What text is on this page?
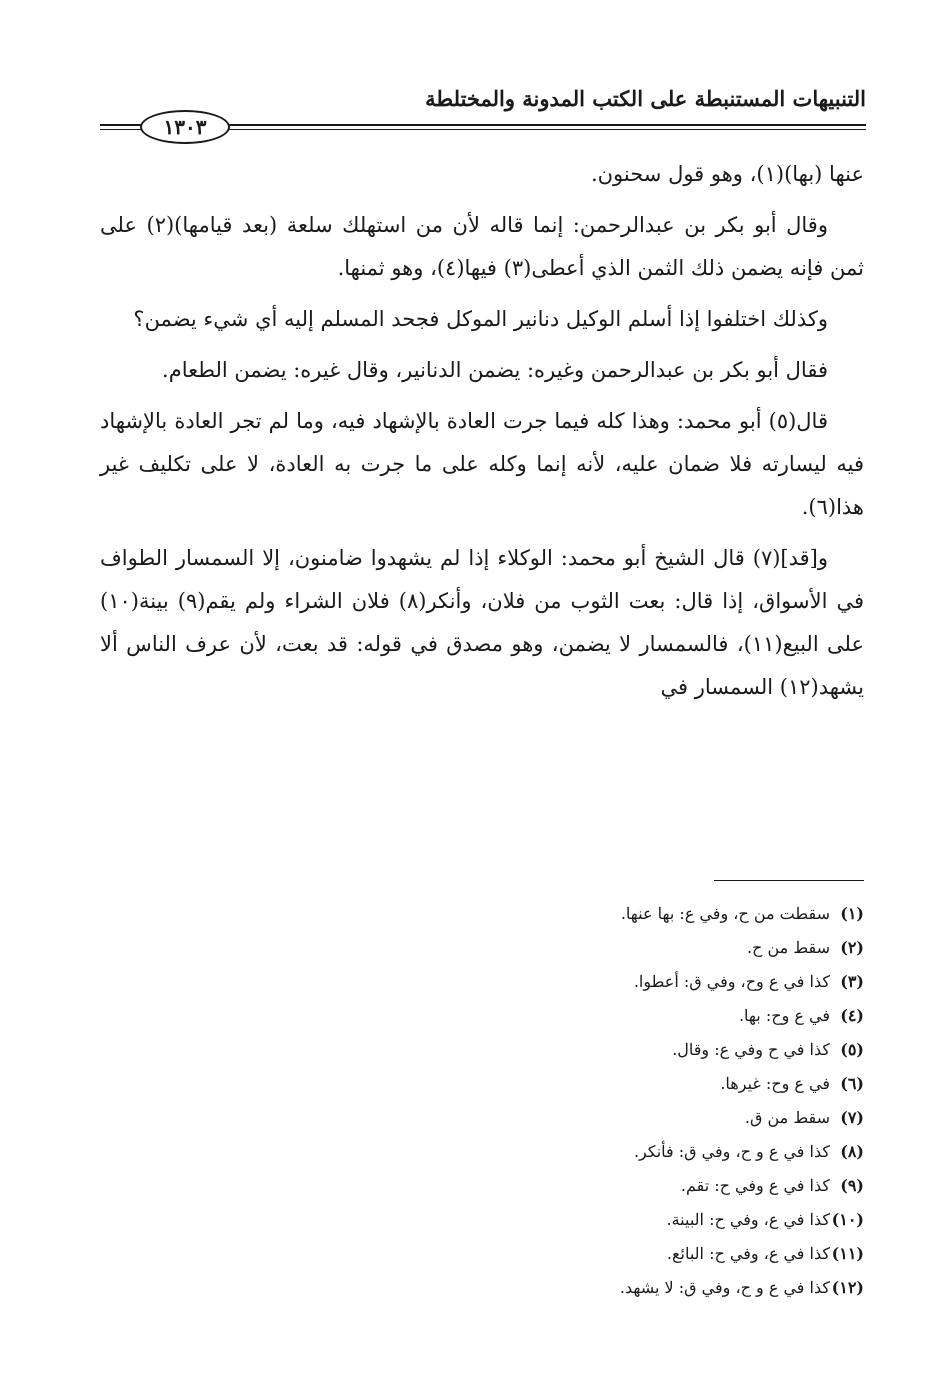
التنبيهات المستنبطة على الكتب المدونة والمختلطة
١٣٠٣

عنها (بها)(١)، وهو قول سحنون.

وقال أبو بكر بن عبدالرحمن: إنما قاله لأن من استهلك سلعة (بعد قيامها)(٢) على ثمن فإنه يضمن ذلك الثمن الذي أعطى(٣) فيها(٤)، وهو ثمنها.

وكذلك اختلفوا إذا أسلم الوكيل دنانير الموكل فجحد المسلم إليه أي شيء يضمن؟

فقال أبو بكر بن عبدالرحمن وغيره: يضمن الدنانير، وقال غيره: يضمن الطعام.

قال(٥) أبو محمد: وهذا كله فيما جرت العادة بالإشهاد فيه، وما لم تجر العادة بالإشهاد فيه ليسارته فلا ضمان عليه، لأنه إنما وكله على ما جرت به العادة، لا على تكليف غير هذا(٦).

و[قد](٧) قال الشيخ أبو محمد: الوكلاء إذا لم يشهدوا ضامنون، إلا السمسار الطواف في الأسواق، إذا قال: بعت الثوب من فلان، وأنكر(٨) فلان الشراء ولم يقم(٩) بينة(١٠) على البيع(١١)، فالسمسار لا يضمن، وهو مصدق في قوله: قد بعت، لأن عرف الناس ألا يشهد(١٢) السمسار في

(١)سقطت من ح، وفي ع: بها عنها.
(٢)سقط من ح.
(٣)كذا في ع وح، وفي ق: أعطوا.
(٤)في ع وح: بها.
(٥)كذا في ح وفي ع: وقال.
(٦)في ع وح: غيرها.
(٧)سقط من ق.
(٨)كذا في ع و ح، وفي ق: فأنكر.
(٩)كذا في ع وفي ح: تقم.
(١٠)كذا في ع، وفي ح: البينة.
(١١)كذا في ع، وفي ح: البائع.
(١٢)كذا في ع و ح، وفي ق: لا يشهد.
